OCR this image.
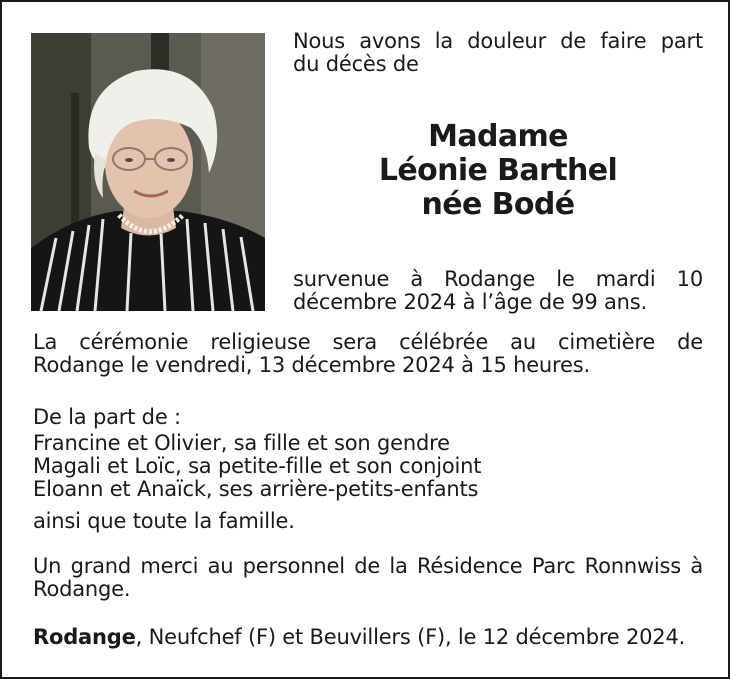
Nous avons la douleur de faire part
du décès de

Madame
Léonie Barthel
née Bodé

survenue à Rodange le mardi 10
décembre 2024 à l’âge de 99 ans.

La cérémonie religieuse sera célébrée au cimetière de
Rodange le vendredi, 13 décembre 2024 à 15 heures.

De la part de :

Francine et Olivier, sa fille et son gendre
Magali et Loïc, sa petite-fille et son conjoint
Eloann et Anaïck, ses arrière-petits-enfants

ainsi que toute la famille.

Un grand merci au personnel de la Résidence Parc Ronnwiss à
Rodange.

Rodange, Neufchef (F) et Beuvillers (F), le 12 décembre 2024.
